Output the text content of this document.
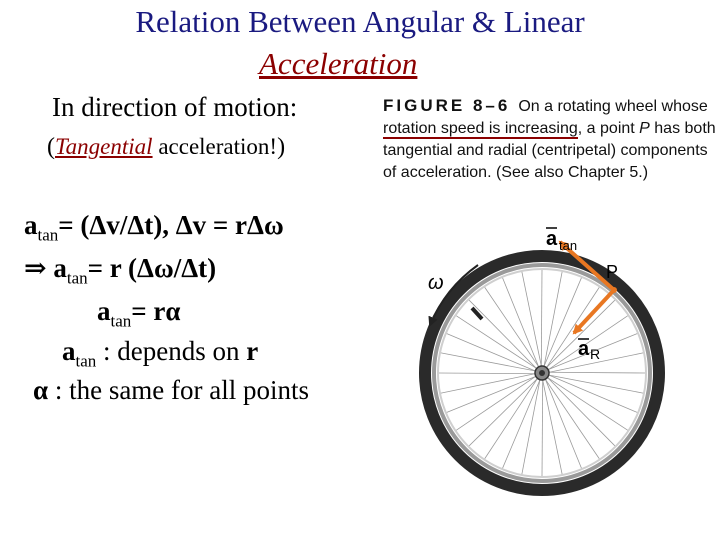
Relation Between Angular & Linear
Acceleration
In direction of motion:
(Tangential acceleration!)
$a_{tan}= (\Delta v/\Delta t)$, Δv = rΔω
⇒ $a_{tan}= r$ (Δω/Δt)
$a_{tan}= r\alpha$
$a_{tan}$ : depends on r
α : the same for all points
FIGURE 8–6 On a rotating wheel whose rotation speed is increasing, a point P has both tangential and radial (centripetal) components of acceleration. (See also Chapter 5.)
ω
a tan
P
a R
